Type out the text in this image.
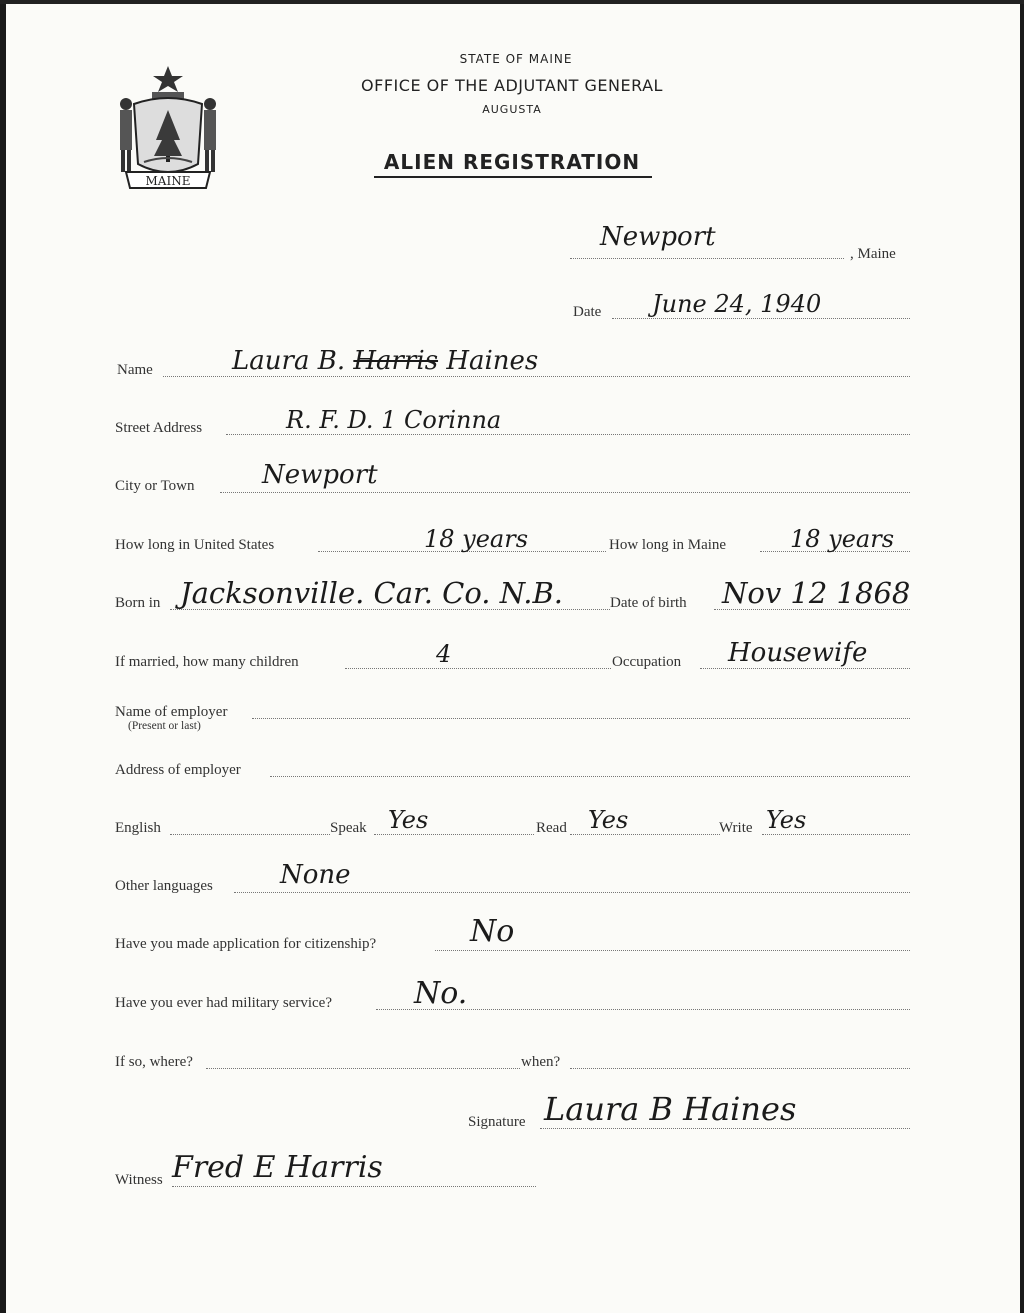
MAINE
STATE OF MAINE
OFFICE OF THE ADJUTANT GENERAL
AUGUSTA
ALIEN REGISTRATION
Newport
, Maine
Date June 24, 1940
Name	Laura B. Harris Haines
Street Address	R. F. D. 1 Corinna
City or Town	Newport
How long in United States	18 years	How long in Maine	18 years
Born in Jacksonville. Car. Co. N.B.	Date of birth Nov 12 1868
If married, how many children	4	Occupation Housewife
Name of employer
(Present or last)
Address of employer
English	Speak Yes	Read Yes	Write Yes
Other languages	None
Have you made application for citizenship?	No
Have you ever had military service?	No.
If so, where?	when?
Signature Laura B Haines
Witness Fred E Harris
